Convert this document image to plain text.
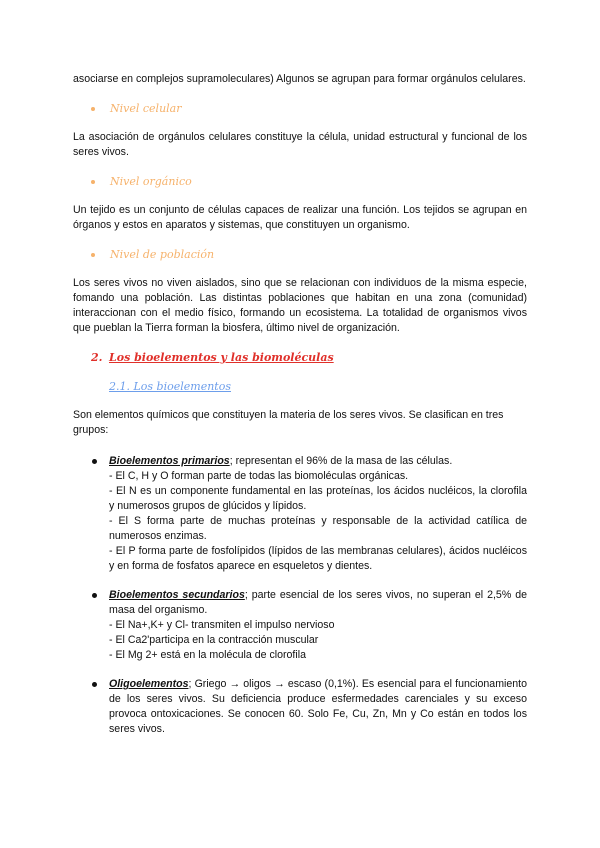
asociarse en complejos supramoleculares) Algunos se agrupan para formar orgánulos celulares.

Nivel celular

La asociación de orgánulos celulares constituye la célula, unidad estructural y funcional de los seres vivos.

Nivel orgánico

Un tejido es un conjunto de células capaces de realizar una función. Los tejidos se agrupan en órganos y estos en aparatos y sistemas, que constituyen un organismo.

Nivel de población

Los seres vivos no viven aislados, sino que se relacionan con individuos de la misma especie, fomando una población. Las distintas poblaciones que habitan en una zona (comunidad) interaccionan con el medio físico, formando un ecosistema. La totalidad de organismos vivos que pueblan la Tierra forman la biosfera, último nivel de organización.

2. Los bioelementos y las biomoléculas
2.1. Los bioelementos

Son elementos químicos que constituyen la materia de los seres vivos. Se clasifican en tres grupos:

Bioelementos primarios; representan el 96% de la masa de las células.

- El C, H y O forman parte de todas las biomoléculas orgánicas.

- El N es un componente fundamental en las proteínas, los ácidos nucléicos, la clorofila y numerosos grupos de glúcidos y lípidos.

- El S forma parte de muchas proteínas y responsable de la actividad catílica de numerosos enzimas.

- El P forma parte de fosfolípidos (lípidos de las membranas celulares), ácidos nucléicos y en forma de fosfatos aparece en esqueletos y dientes.

Bioelementos secundarios; parte esencial de los seres vivos, no superan el 2,5% de masa del organismo.

- El Na+,K+ y Cl- transmiten el impulso nervioso

- El Ca2'participa en la contracción muscular

- El Mg 2+ está en la molécula de clorofila

Oligoelementos; Griego → oligos → escaso (0,1%). Es esencial para el funcionamiento de los seres vivos. Su deficiencia produce esfermedades carenciales y su exceso provoca ontoxicaciones. Se conocen 60. Solo Fe, Cu, Zn, Mn y Co están en todos los seres vivos.
